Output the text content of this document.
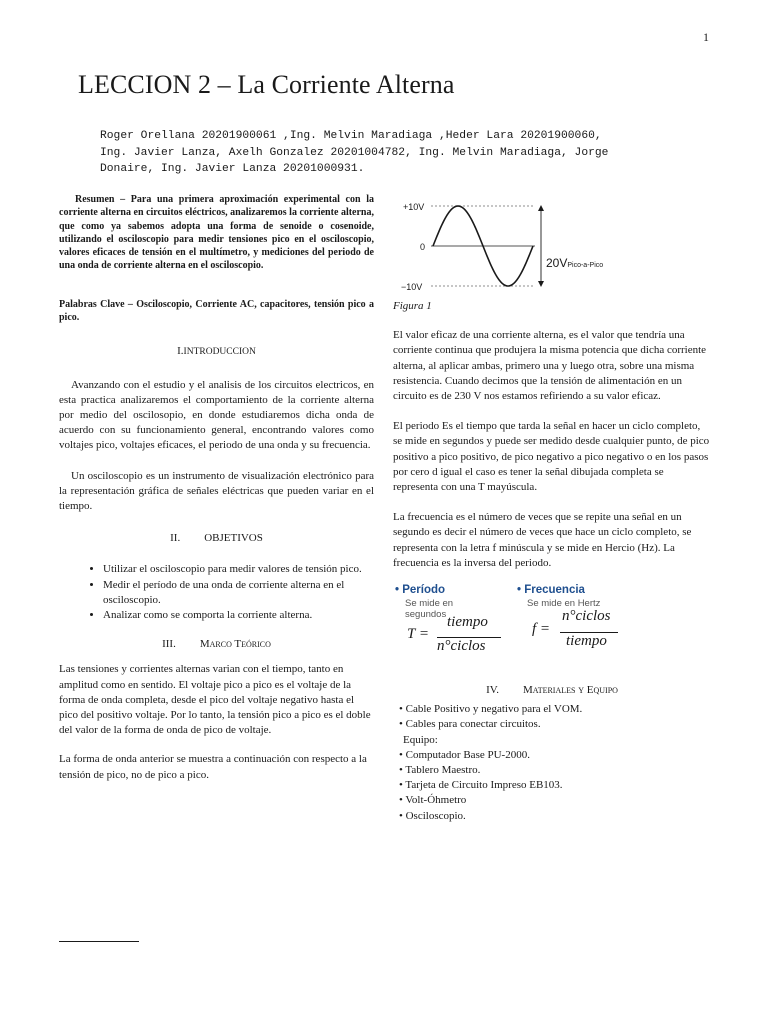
1
LECCION 2 – La Corriente Alterna

Roger Orellana 20201900061 ,Ing. Melvin Maradiaga ,Heder Lara 20201900060,
Ing. Javier Lanza, Axelh Gonzalez 20201004782, Ing. Melvin Maradiaga, Jorge
Donaire, Ing. Javier Lanza 20201000931.

Resumen – Para una primera aproximación experimental con la corriente alterna en circuitos eléctricos, analizaremos la corriente alterna, que como ya sabemos adopta una forma de senoide o cosenoide, utilizando el osciloscopio para medir tensiones pico en el osciloscopio, valores eficaces de tensión en el multímetro, y mediciones del periodo de una onda de corriente alterna en el osciloscopio.

Palabras Clave – Osciloscopio, Corriente AC, capacitores, tensión pico a pico.

I.INTRODUCCION

Avanzando con el estudio y el analisis de los circuitos electricos, en esta practica analizaremos el comportamiento de la corriente alterna por medio del oscilosopio, en donde estudiaremos dicha onda de acuerdo con su funcionamiento general, encontrando valores como voltajes pico, voltajes eficaces, el periodo de una onda y su frecuencia.

Un osciloscopio es un instrumento de visualización electrónico para la representación gráfica de señales eléctricas que pueden variar en el tiempo.

II. OBJETIVOS
• Utilizar el osciloscopio para medir valores de tensión pico.
• Medir el período de una onda de corriente alterna en el osciloscopio.
• Analizar como se comporta la corriente alterna.
III. Marco Teórico

Las tensiones y corrientes alternas varian con el tiempo, tanto en amplitud como en sentido. El voltaje pico a pico es el voltaje de la forma de onda completa, desde el pico del voltaje negativo hasta el pico del positivo voltaje. Por lo tanto, la tensión pico a pico es el doble del valor de la forma de onda de pico de voltaje.

La forma de onda anterior se muestra a continuación con respecto a la tensión de pico, no de pico a pico.

+10V
0
−10V
20VPico-a-Pico
Figura 1

El valor eficaz de una corriente alterna, es el valor que tendría una corriente continua que produjera la misma potencia que dicha corriente alterna, al aplicar ambas, primero una y luego otra, sobre una misma resistencia. Cuando decimos que la tensión de alimentación en un circuito es de 230 V nos estamos refiriendo a su valor eficaz.

El periodo Es el tiempo que tarda la señal en hacer un ciclo completo, se mide en segundos y puede ser medido desde cualquier punto, de pico positivo a pico positivo, de pico negativo a pico negativo o en los pasos por cero d igual el caso es tener la señal dibujada completa se representa con una T mayúscula.

La frecuencia es el número de veces que se repite una señal en un segundo es decir el número de veces que hace un ciclo completo, se representa con la letra f minúscula y se mide en Hercio (Hz). La frecuencia es la inversa del periodo.

• Período
Se mide en
segundos
T =
tiempo
n°ciclos
• Frecuencia
Se mide en Hertz
f =
n°ciclos
tiempo
IV. Materiales y Equipo
• Cable Positivo y negativo para el VOM.
• Cables para conectar circuitos.
Equipo:
• Computador Base PU-2000.
• Tablero Maestro.
• Tarjeta de Circuito Impreso EB103.
• Volt-Óhmetro
• Osciloscopio.
